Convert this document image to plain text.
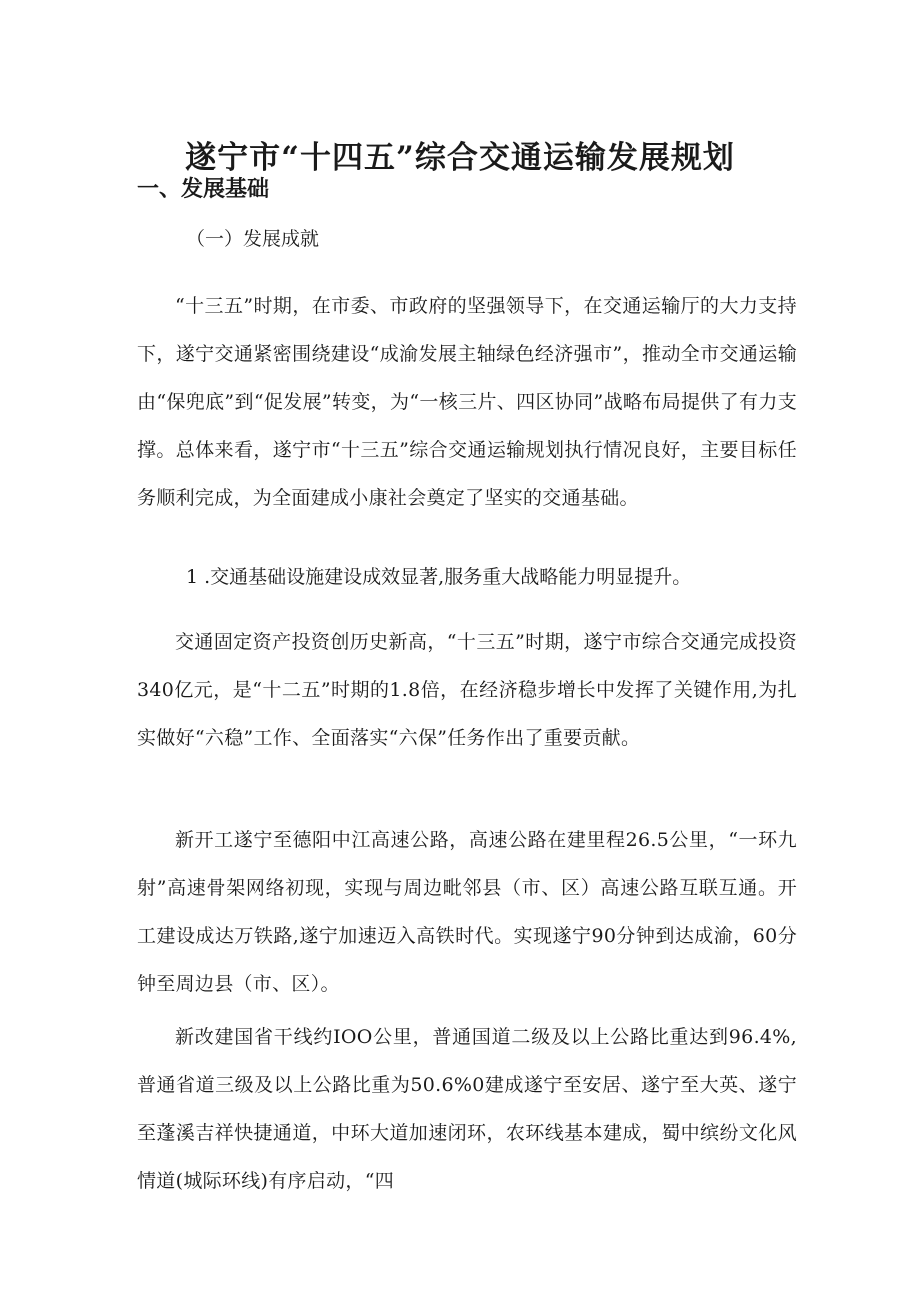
遂宁市“十四五”综合交通运输发展规划
一、发展基础
（一）发展成就

“十三五”时期，在市委、市政府的坚强领导下，在交通运输厅的大力支持下，遂宁交通紧密围绕建设“成渝发展主轴绿色经济强市”，推动全市交通运输由“保兜底”到“促发展”转变，为“一核三片、四区协同”战略布局提供了有力支撑。总体来看，遂宁市“十三五”综合交通运输规划执行情况良好，主要目标任务顺利完成，为全面建成小康社会奠定了坚实的交通基础。

1 .交通基础设施建设成效显著,服务重大战略能力明显提升。

交通固定资产投资创历史新高，“十三五”时期，遂宁市综合交通完成投资340亿元，是“十二五”时期的1.8倍，在经济稳步增长中发挥了关键作用,为扎实做好“六稳”工作、全面落实“六保”任务作出了重要贡献。

新开工遂宁至德阳中江高速公路，高速公路在建里程26.5公里，“一环九射”高速骨架网络初现，实现与周边毗邻县（市、区）高速公路互联互通。开工建设成达万铁路,遂宁加速迈入高铁时代。实现遂宁90分钟到达成渝，60分钟至周边县（市、区）。

新改建国省干线约IOO公里，普通国道二级及以上公路比重达到96.4%,普通省道三级及以上公路比重为50.6%0建成遂宁至安居、遂宁至大英、遂宁至蓬溪吉祥快捷通道，中环大道加速闭环，农环线基本建成，蜀中缤纷文化风情道(城际环线)有序启动，“四
